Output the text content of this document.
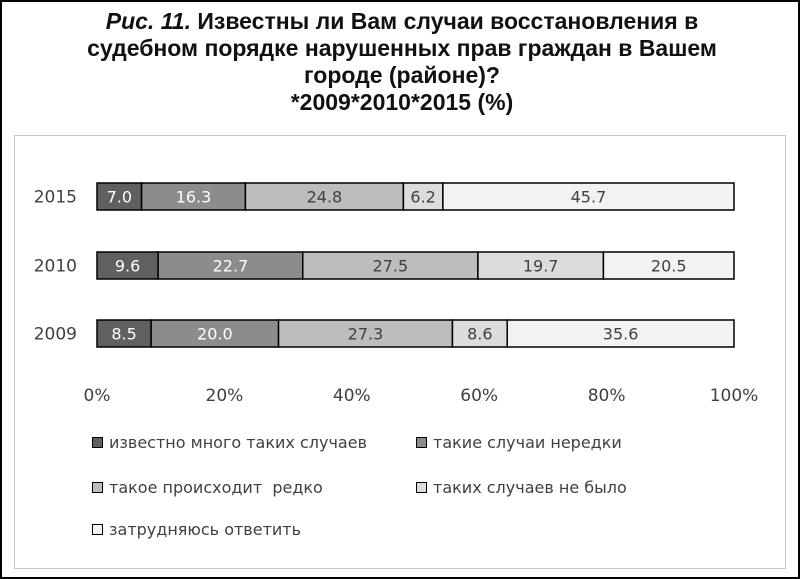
Рис. 11. Известны ли Вам случаи восстановления в
судебном порядке нарушенных прав граждан в Вашем
городе (районе)?
*2009*2010*2015 (%)
2015 7.0	16.3	24.8	6.2	45.7
2010 9.6	22.7	27.5	19.7	20.5
2009 8.5	20.0	27.3	8.6	35.6
0%	20%	40%	60%	80%	100%
известно много таких случаев	такие случаи нередки
такое происходит  редко	таких случаев не было
затрудняюсь ответить
